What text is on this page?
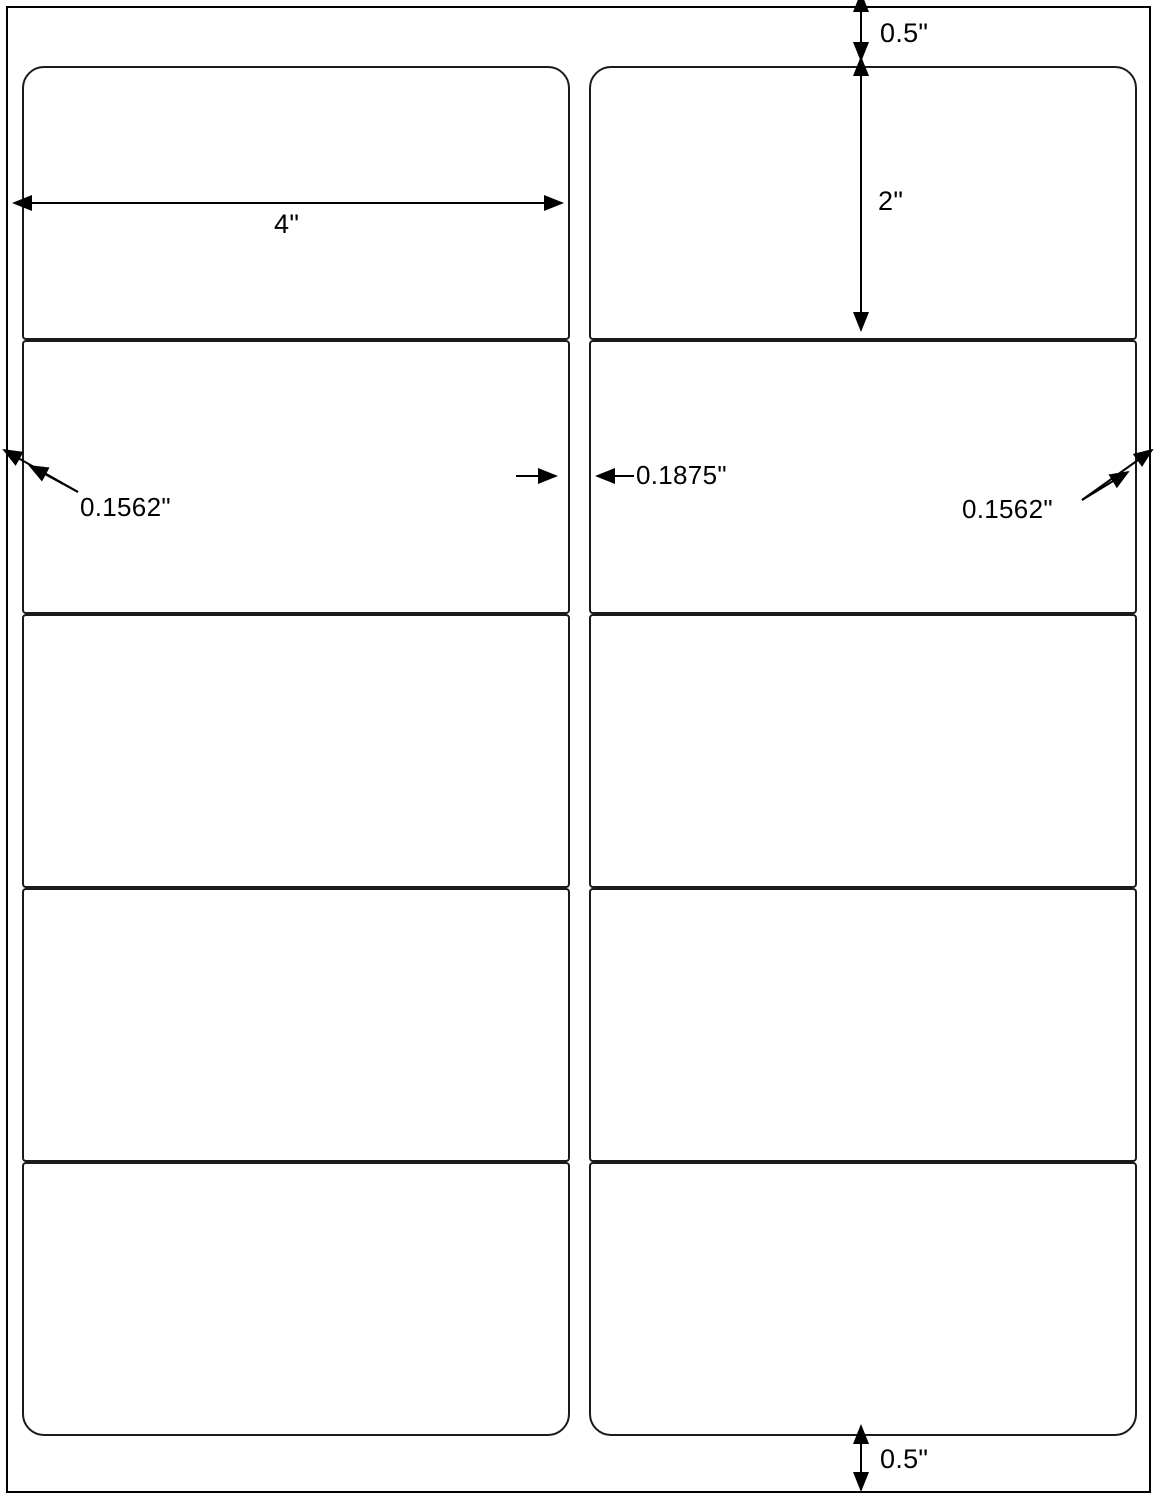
0.5"
2"
4"
0.1562"
0.1875"
0.1562"
0.5"
